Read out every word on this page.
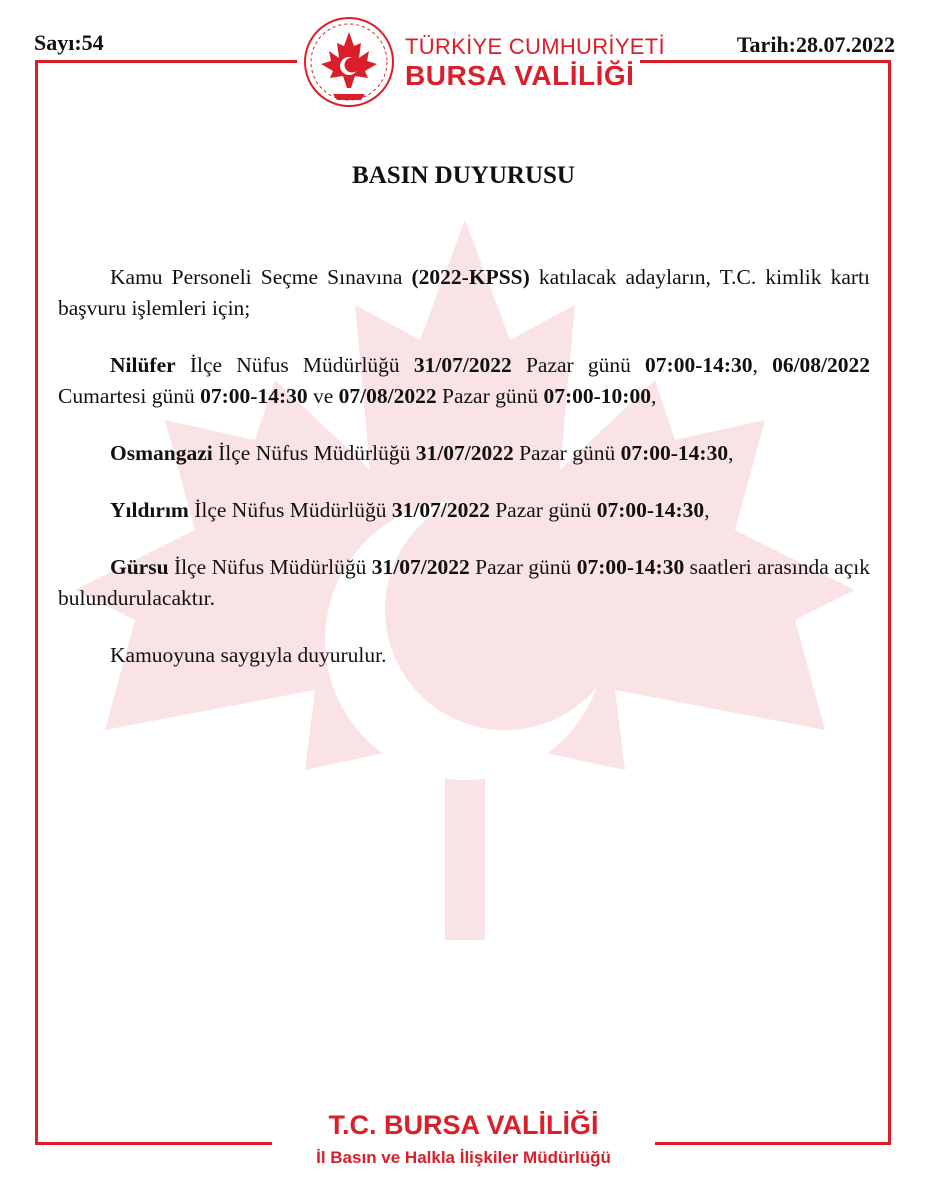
Sayı:54	Tarih:28.07.2022
TÜRKİYE CUMHURİYETİ
BURSA VALİLİĞİ
BASIN DUYURUSU

Kamu Personeli Seçme Sınavına (2022-KPSS) katılacak adayların, T.C. kimlik kartı başvuru işlemleri için;

Nilüfer İlçe Nüfus Müdürlüğü 31/07/2022 Pazar günü 07:00-14:30, 06/08/2022 Cumartesi günü 07:00-14:30 ve 07/08/2022 Pazar günü 07:00-10:00,

Osmangazi İlçe Nüfus Müdürlüğü 31/07/2022 Pazar günü 07:00-14:30,

Yıldırım İlçe Nüfus Müdürlüğü 31/07/2022 Pazar günü 07:00-14:30,

Gürsu İlçe Nüfus Müdürlüğü 31/07/2022 Pazar günü 07:00-14:30 saatleri arasında açık bulundurulacaktır.

Kamuoyuna saygıyla duyurulur.

T.C. BURSA VALİLİĞİ
İl Basın ve Halkla İlişkiler Müdürlüğü
